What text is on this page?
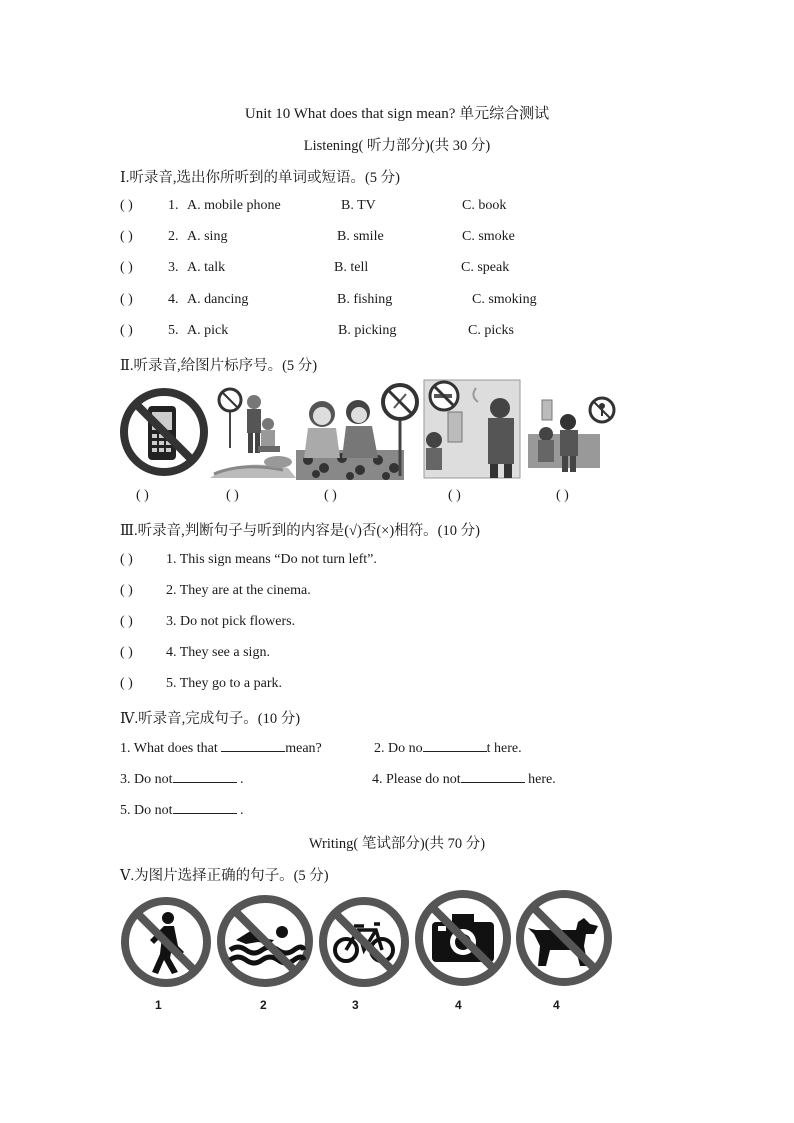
Unit 10 What does that sign mean? 单元综合测试
Listening( 听力部分)(共 30 分)
Ⅰ.听录音,选出你所听到的单词或短语。(5 分)
( )	1. A. mobile phone	B. TV	C. book
( )	2. A. sing	B. smile	C. smoke
( )	3. A. talk	B. tell	C. speak
( )	4. A. dancing	B. fishing	C. smoking
( )	5. A. pick	B. picking	C. picks
Ⅱ.听录音,给图片标序号。(5 分)
( )	( )	( )	( )	( )
Ⅲ.听录音,判断句子与听到的内容是(√)否(×)相符。(10 分)
( ) 1. This sign means “Do not turn left”.
( ) 2. They are at the cinema.
( ) 3. Do not pick flowers.
( ) 4. They see a sign.
( ) 5. They go to a park.
Ⅳ.听录音,完成句子。(10 分)
1. What does that	mean?	2. Do no	t here.
3. Do not	.	4. Please do not	here.
5. Do not	.
Writing( 笔试部分)(共 70 分)
Ⅴ.为图片选择正确的句子。(5 分)
1	2	3	4	4
